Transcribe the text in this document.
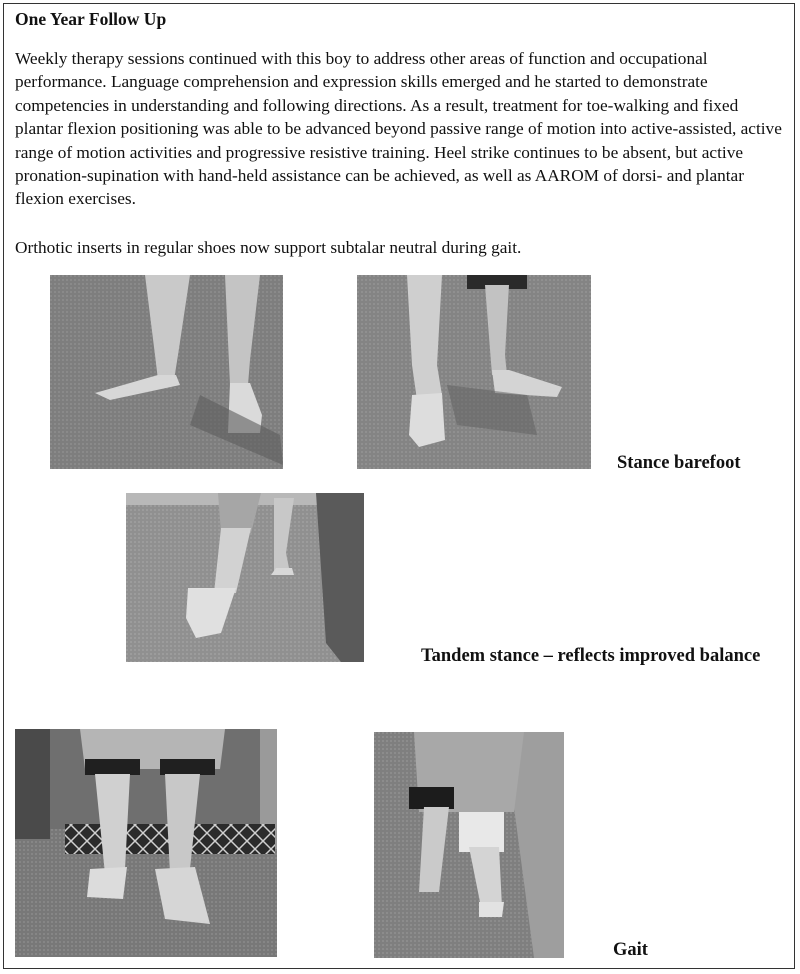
One Year Follow Up

Weekly therapy sessions continued with this boy to address other areas of function and occupational performance. Language comprehension and expression skills emerged and he started to demonstrate competencies in understanding and following directions. As a result, treatment for toe-walking and fixed plantar flexion positioning was able to be advanced beyond passive range of motion into active-assisted, active range of motion activities and progressive resistive training. Heel strike continues to be absent, but active pronation-supination with hand-held assistance can be achieved, as well as AAROM of dorsi- and plantar flexion exercises.

Orthotic inserts in regular shoes now support subtalar neutral during gait.

Stance barefoot
Tandem stance – reflects improved balance
Gait
